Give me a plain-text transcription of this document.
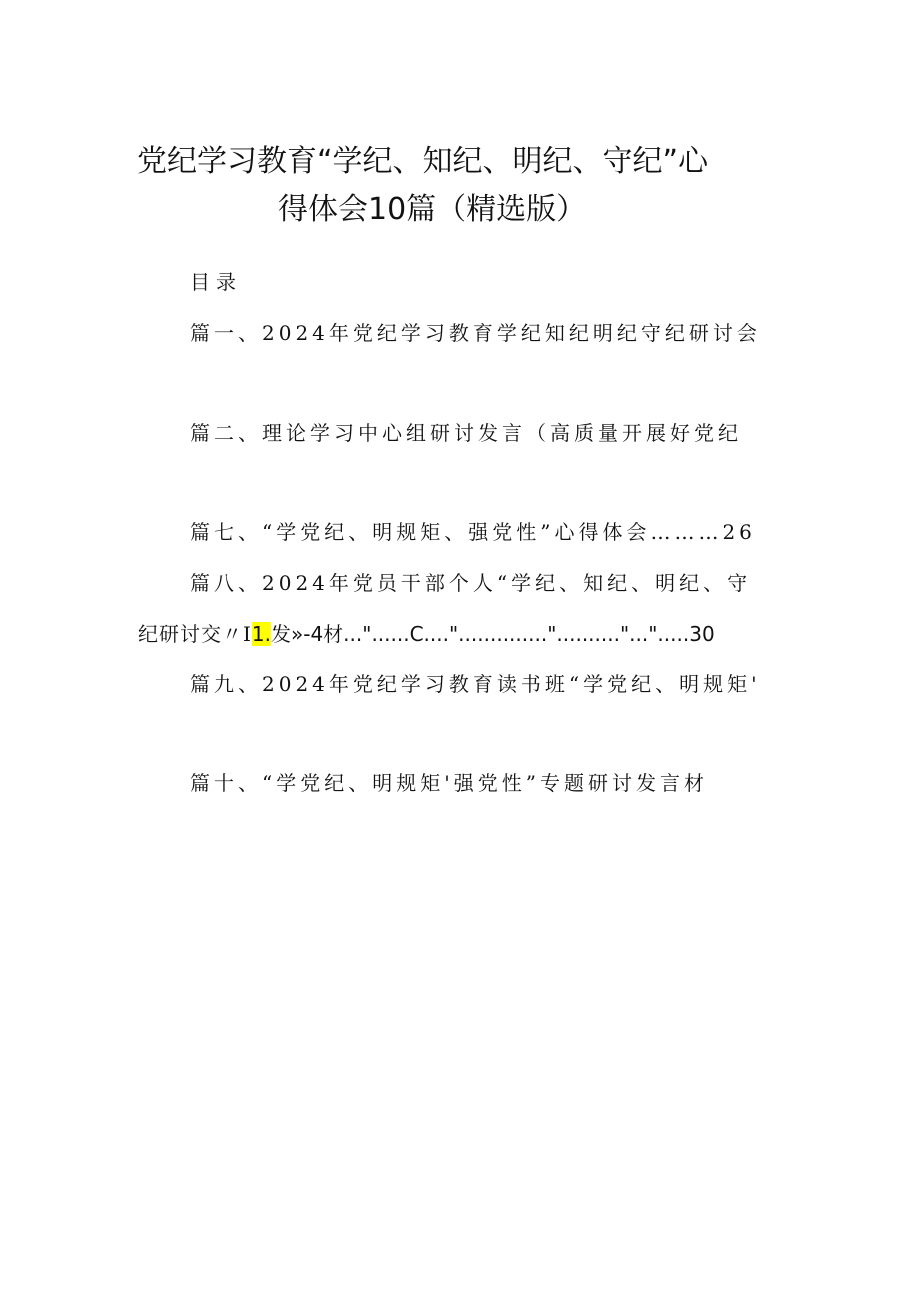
党纪学习教育“学纪、知纪、明纪、守纪”心
得体会10篇（精选版）
目录
篇一、2024年党纪学习教育学纪知纪明纪守纪研讨会
篇二、理论学习中心组研讨发言（高质量开展好党纪
篇七、“学党纪、明规矩、强党性”心得体会………26
篇八、2024年党员干部个人“学纪、知纪、明纪、守
纪研讨交〃I1.发»-4材..."......C...."..............".........."...".....30
篇九、2024年党纪学习教育读书班“学党纪、明规矩'
篇十、“学党纪、明规矩'强党性”专题研讨发言材
